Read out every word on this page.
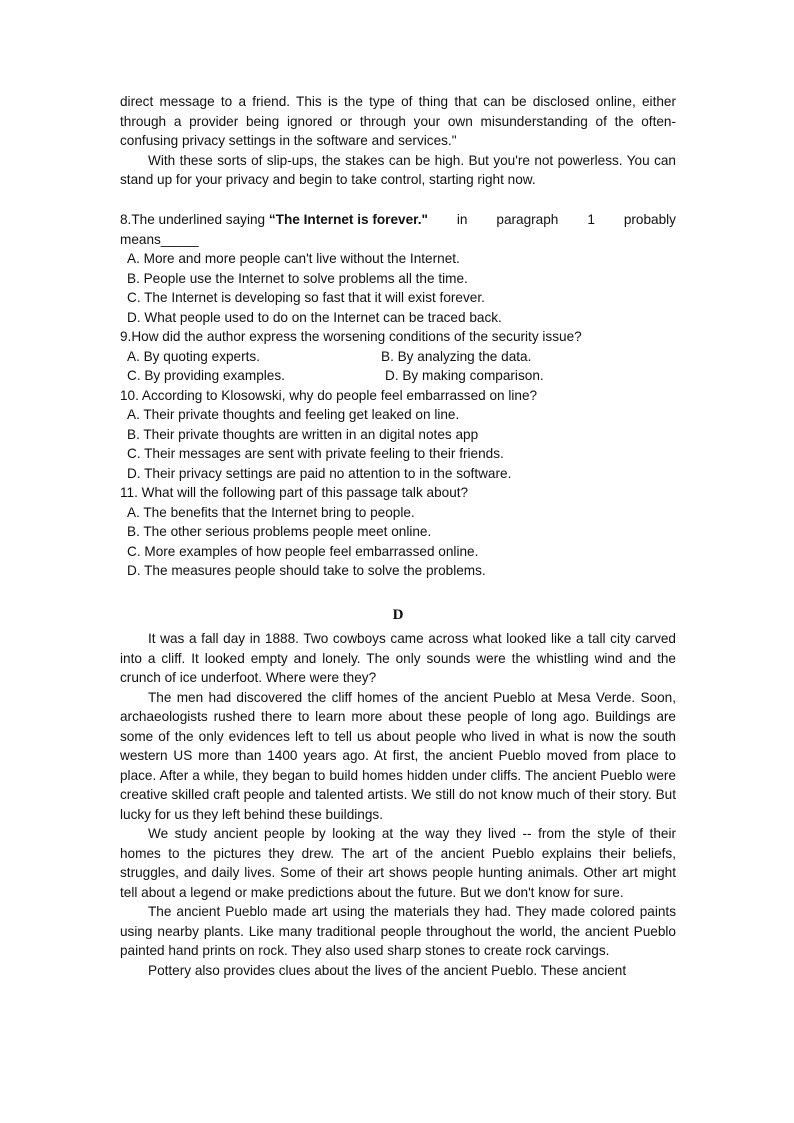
direct message to a friend. This is the type of thing that can be disclosed online, either through a provider being ignored or through your own misunderstanding of the often-confusing privacy settings in the software and services."

With these sorts of slip-ups, the stakes can be high. But you're not powerless. You can stand up for your privacy and begin to take control, starting right now.

8.The underlined saying “The Internet is forever." in paragraph 1 probably
means_____
A. More and more people can't live without the Internet.
B. People use the Internet to solve problems all the time.
C. The Internet is developing so fast that it will exist forever.
D. What people used to do on the Internet can be traced back.
9.How did the author express the worsening conditions of the security issue?
A. By quoting experts.	B. By analyzing the data.
C. By providing examples.	D. By making comparison.
10. According to Klosowski, why do people feel embarrassed on line?
A. Their private thoughts and feeling get leaked on line.
B. Their private thoughts are written in an digital notes app
C. Their messages are sent with private feeling to their friends.
D. Their privacy settings are paid no attention to in the software.
11. What will the following part of this passage talk about?
A. The benefits that the Internet bring to people.
B. The other serious problems people meet online.
C. More examples of how people feel embarrassed online.
D. The measures people should take to solve the problems.
D

It was a fall day in 1888. Two cowboys came across what looked like a tall city carved into a cliff. It looked empty and lonely. The only sounds were the whistling wind and the crunch of ice underfoot. Where were they?

The men had discovered the cliff homes of the ancient Pueblo at Mesa Verde. Soon, archaeologists rushed there to learn more about these people of long ago. Buildings are some of the only evidences left to tell us about people who lived in what is now the south western US more than 1400 years ago. At first, the ancient Pueblo moved from place to place. After a while, they began to build homes hidden under cliffs. The ancient Pueblo were creative skilled craft people and talented artists. We still do not know much of their story. But lucky for us they left behind these buildings.

We study ancient people by looking at the way they lived -- from the style of their homes to the pictures they drew. The art of the ancient Pueblo explains their beliefs, struggles, and daily lives. Some of their art shows people hunting animals. Other art might tell about a legend or make predictions about the future. But we don't know for sure.

The ancient Pueblo made art using the materials they had. They made colored paints using nearby plants. Like many traditional people throughout the world, the ancient Pueblo painted hand prints on rock. They also used sharp stones to create rock carvings.

Pottery also provides clues about the lives of the ancient Pueblo. These ancient
